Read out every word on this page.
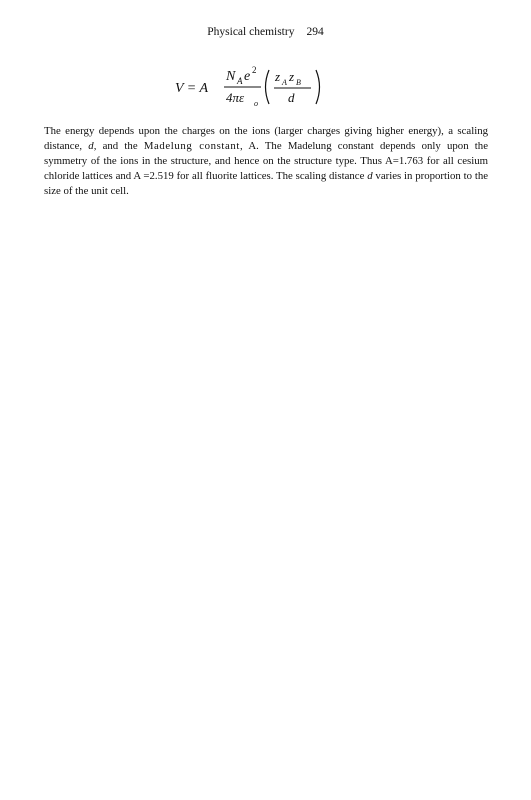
Physical chemistry 294
V = A
N A e 2
4πε o
z A z B
d
The energy depends upon the charges on the ions (larger charges giving higher energy), a scaling distance, d, and the Madelung constant, A. The Madelung constant depends only upon the symmetry of the ions in the structure, and hence on the structure type. Thus A=1.763 for all cesium chloride lattices and A =2.519 for all fluorite lattices. The scaling distance d varies in proportion to the size of the unit cell.
